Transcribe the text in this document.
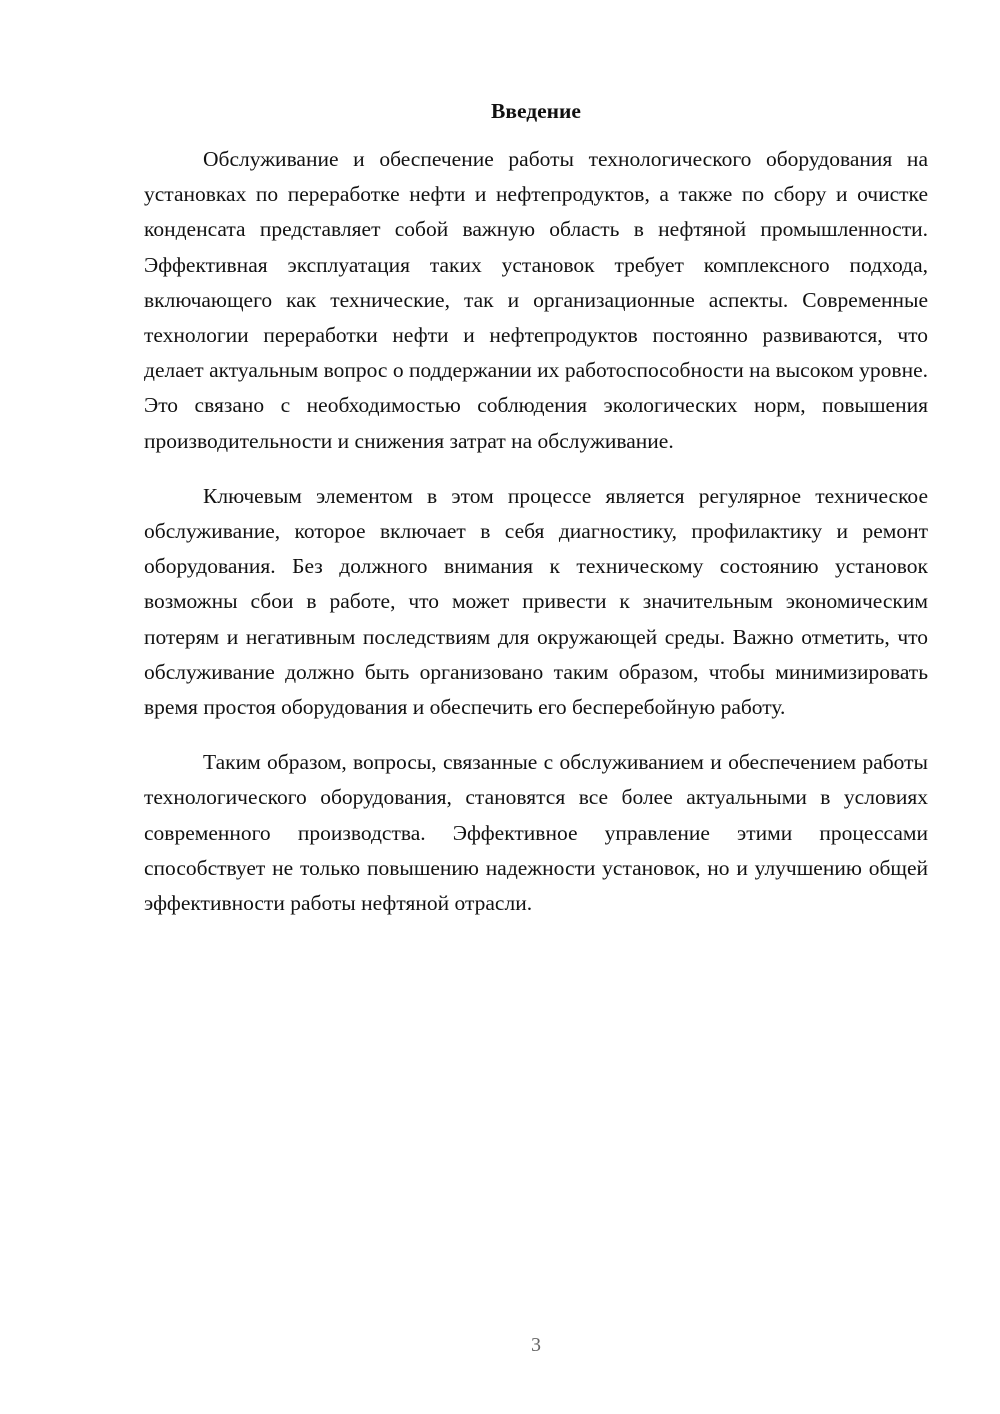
Введение

Обслуживание и обеспечение работы технологического оборудования на установках по переработке нефти и нефтепродуктов, а также по сбору и очистке конденсата представляет собой важную область в нефтяной промышленности. Эффективная эксплуатация таких установок требует комплексного подхода, включающего как технические, так и организационные аспекты. Современные технологии переработки нефти и нефтепродуктов постоянно развиваются, что делает актуальным вопрос о поддержании их работоспособности на высоком уровне. Это связано с необходимостью соблюдения экологических норм, повышения производительности и снижения затрат на обслуживание.

Ключевым элементом в этом процессе является регулярное техническое обслуживание, которое включает в себя диагностику, профилактику и ремонт оборудования. Без должного внимания к техническому состоянию установок возможны сбои в работе, что может привести к значительным экономическим потерям и негативным последствиям для окружающей среды. Важно отметить, что обслуживание должно быть организовано таким образом, чтобы минимизировать время простоя оборудования и обеспечить его бесперебойную работу.

Таким образом, вопросы, связанные с обслуживанием и обеспечением работы технологического оборудования, становятся все более актуальными в условиях современного производства. Эффективное управление этими процессами способствует не только повышению надежности установок, но и улучшению общей эффективности работы нефтяной отрасли.

3
